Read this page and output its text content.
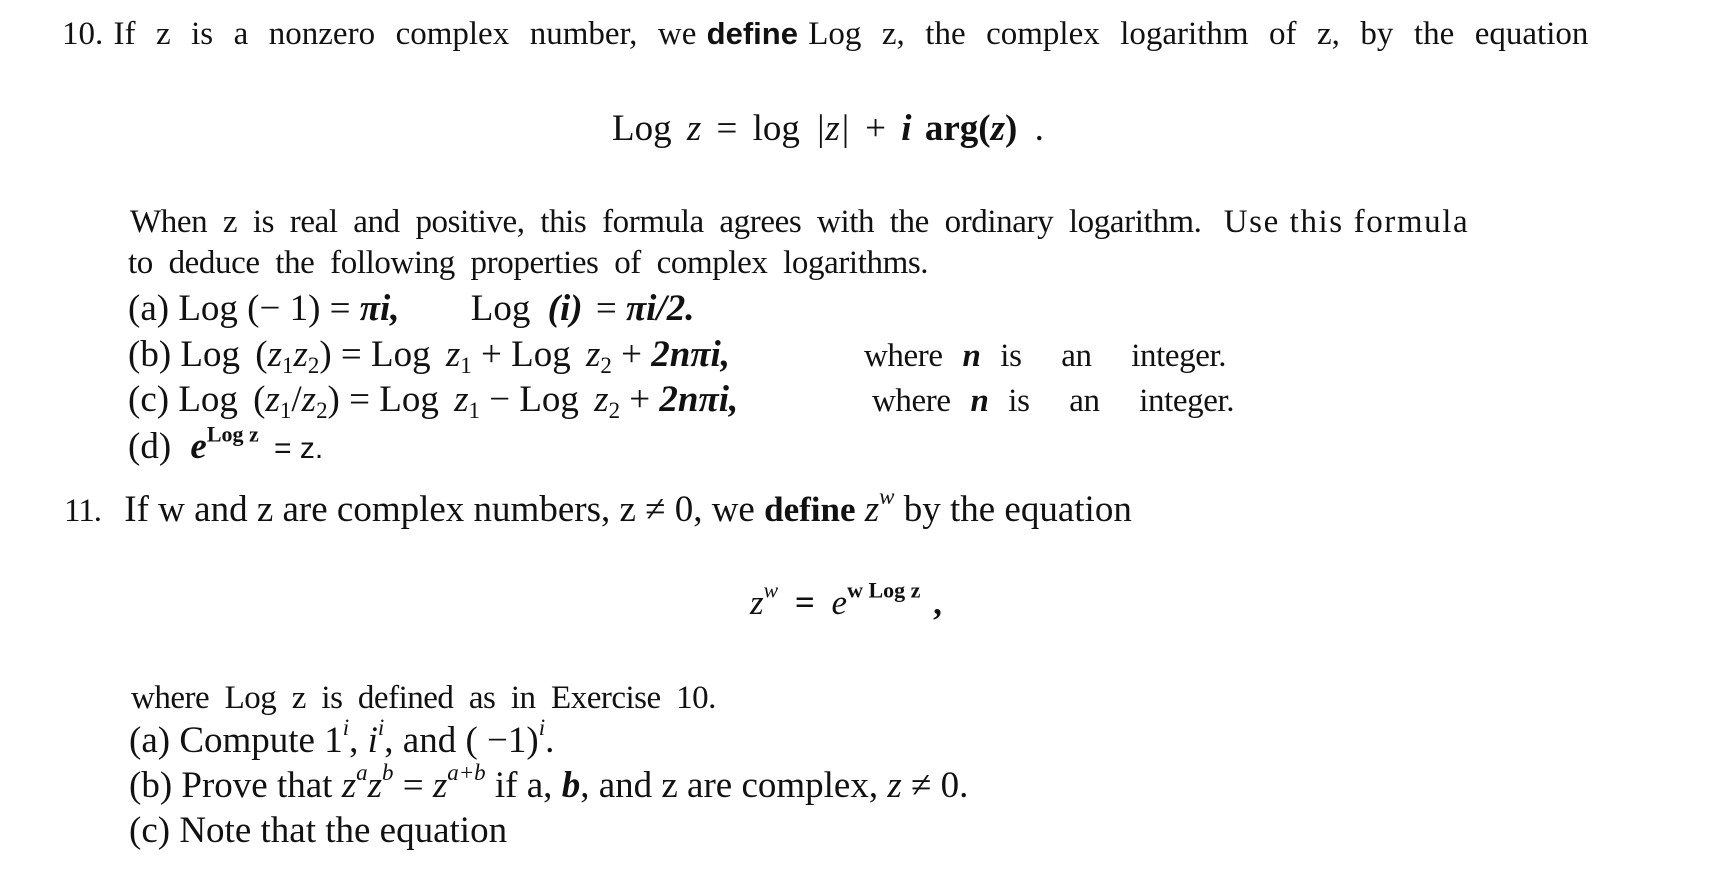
10. If  z  is  a  nonzero  complex  number,  we define Log  z,  the  complex  logarithm  of  z,  by  the  equation
Log z = log |z| + i arg(z) .
When  z  is  real  and  positive,  this  formula  agrees  with  the  ordinary  logarithm. Use this formula
to  deduce  the  following  properties  of  complex  logarithms.
(a) Log (− 1) = πi, Log (i) = πi/2.
(b) Log $(z_1z_2)$ = Log $z_1$ + Log $z_2 + 2n\pi i$,	where n is  an  integer.
(c) Log $(z_1/z_2)$ = Log $z_1$ − Log $z_2 + 2n\pi i$,	where n is  an  integer.
(d) $e^{Log z} = z$.
11. If w and z are complex numbers, z ≠ 0, we define $z^w$ by the equation
$z^w = e^{w Log z}$ ,
where  Log  z  is  defined  as  in  Exercise  10.
(a) Compute 1$^i$, $i^i$, and ( −1)$^i$.
(b) Prove that $z^az^b = z^{a+b}$ if a, b, and z are complex, z ≠ 0.
(c) Note that the equation
